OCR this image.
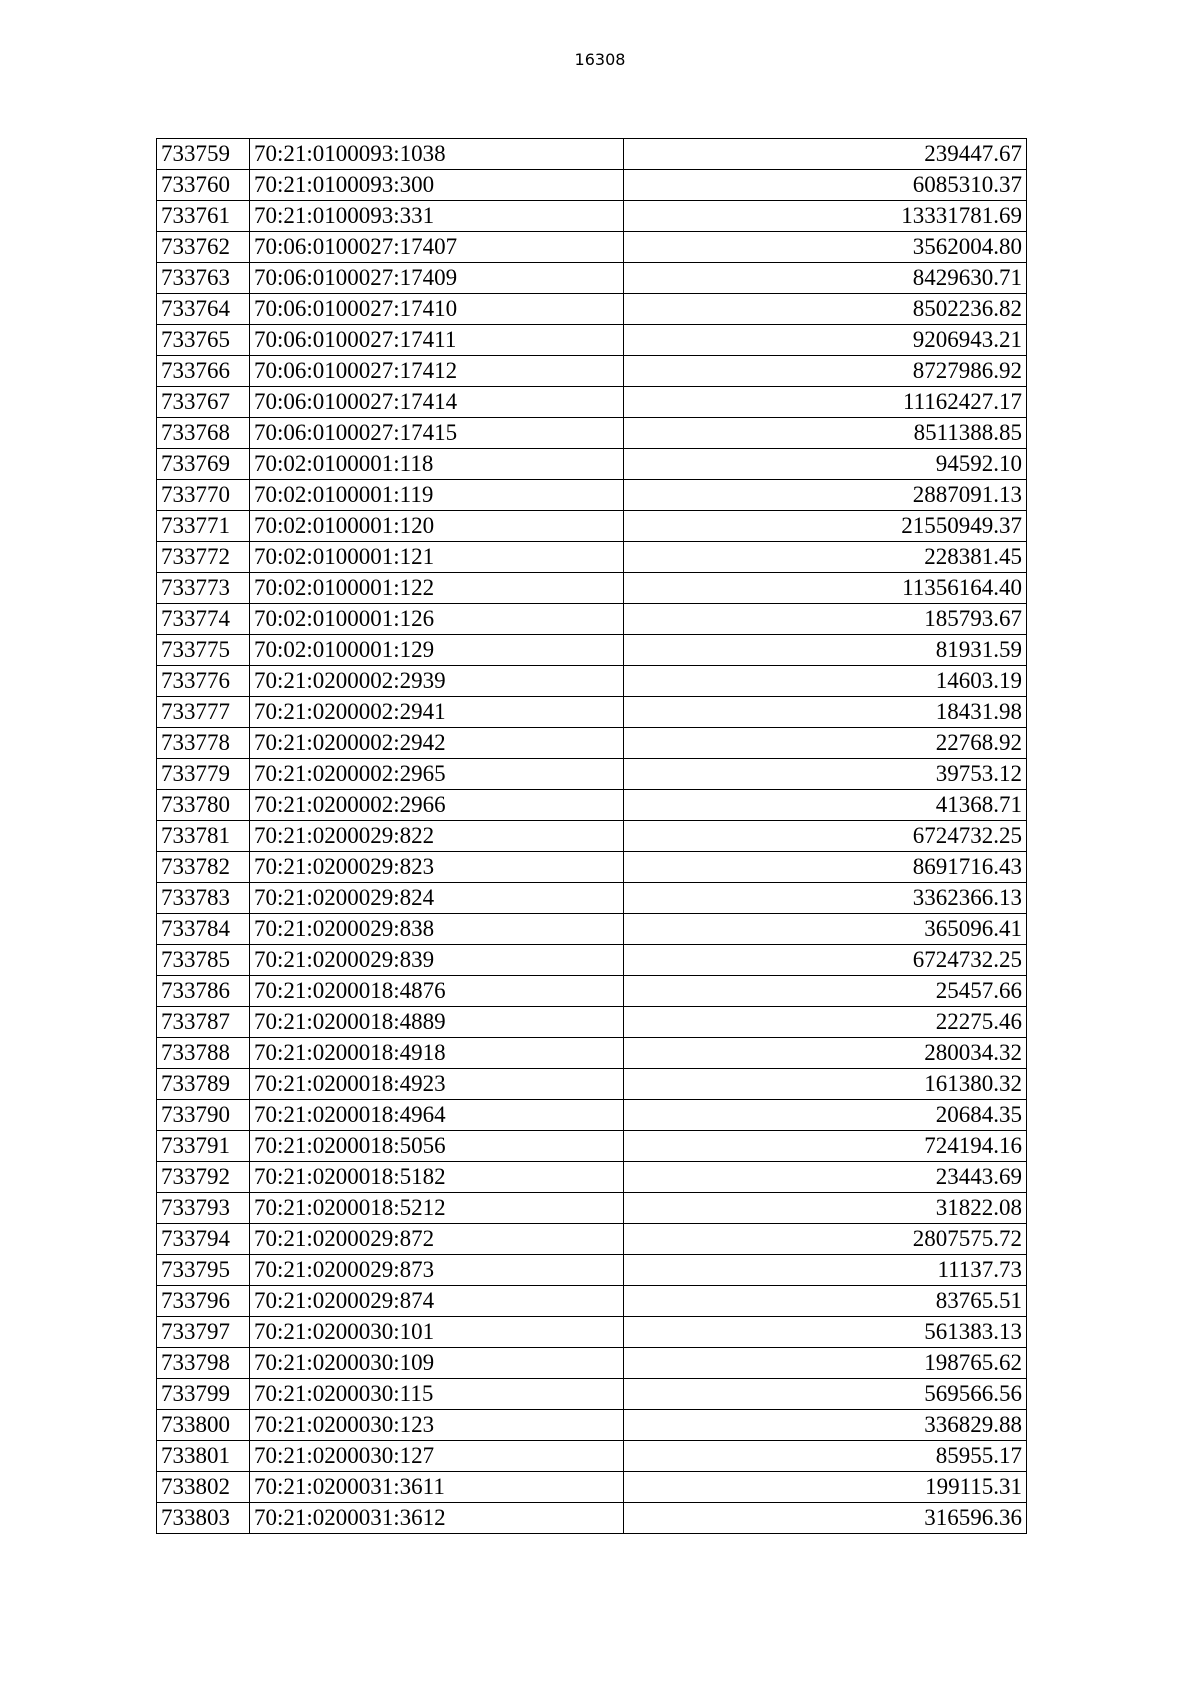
16308
733759	70:21:0100093:1038	239447.67
733760	70:21:0100093:300	6085310.37
733761	70:21:0100093:331	13331781.69
733762	70:06:0100027:17407	3562004.80
733763	70:06:0100027:17409	8429630.71
733764	70:06:0100027:17410	8502236.82
733765	70:06:0100027:17411	9206943.21
733766	70:06:0100027:17412	8727986.92
733767	70:06:0100027:17414	11162427.17
733768	70:06:0100027:17415	8511388.85
733769	70:02:0100001:118	94592.10
733770	70:02:0100001:119	2887091.13
733771	70:02:0100001:120	21550949.37
733772	70:02:0100001:121	228381.45
733773	70:02:0100001:122	11356164.40
733774	70:02:0100001:126	185793.67
733775	70:02:0100001:129	81931.59
733776	70:21:0200002:2939	14603.19
733777	70:21:0200002:2941	18431.98
733778	70:21:0200002:2942	22768.92
733779	70:21:0200002:2965	39753.12
733780	70:21:0200002:2966	41368.71
733781	70:21:0200029:822	6724732.25
733782	70:21:0200029:823	8691716.43
733783	70:21:0200029:824	3362366.13
733784	70:21:0200029:838	365096.41
733785	70:21:0200029:839	6724732.25
733786	70:21:0200018:4876	25457.66
733787	70:21:0200018:4889	22275.46
733788	70:21:0200018:4918	280034.32
733789	70:21:0200018:4923	161380.32
733790	70:21:0200018:4964	20684.35
733791	70:21:0200018:5056	724194.16
733792	70:21:0200018:5182	23443.69
733793	70:21:0200018:5212	31822.08
733794	70:21:0200029:872	2807575.72
733795	70:21:0200029:873	11137.73
733796	70:21:0200029:874	83765.51
733797	70:21:0200030:101	561383.13
733798	70:21:0200030:109	198765.62
733799	70:21:0200030:115	569566.56
733800	70:21:0200030:123	336829.88
733801	70:21:0200030:127	85955.17
733802	70:21:0200031:3611	199115.31
733803	70:21:0200031:3612	316596.36
